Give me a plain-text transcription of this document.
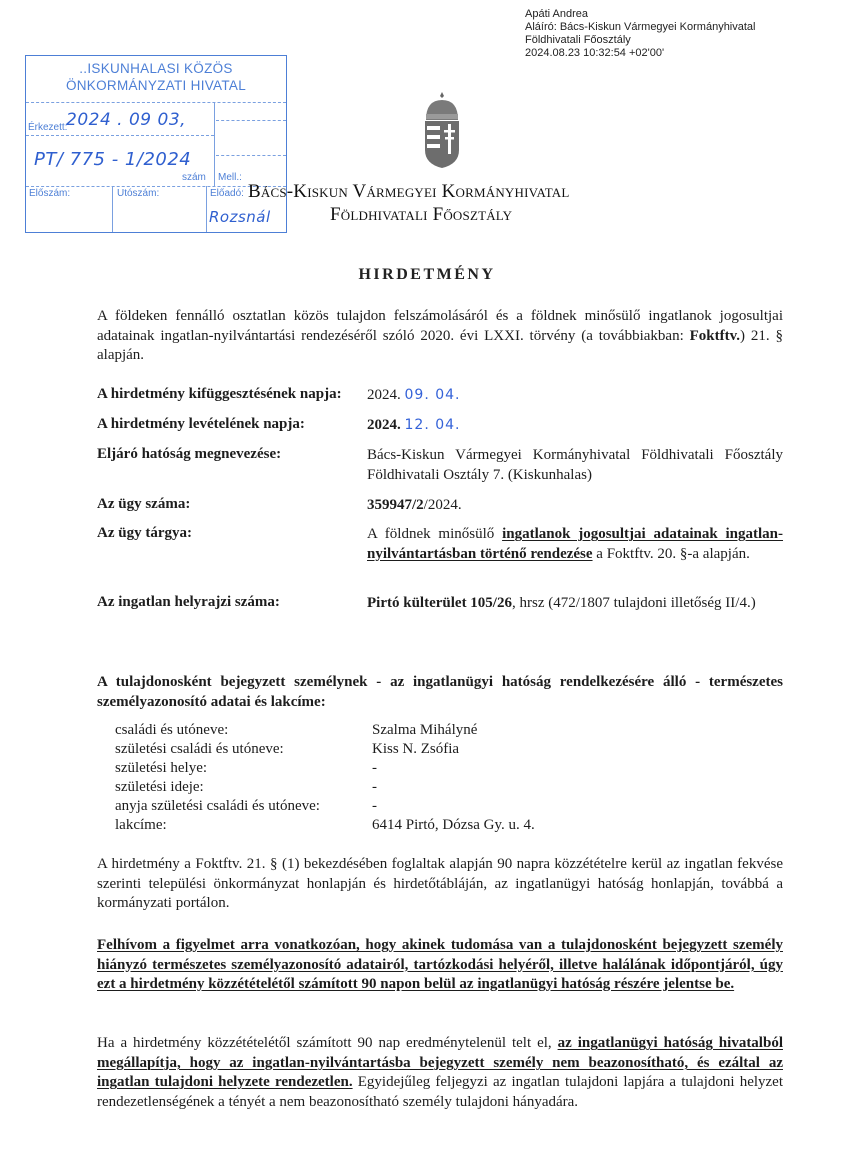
Apáti Andrea
Aláíró: Bács-Kiskun Vármegyei Kormányhivatal
Földhivatali Főosztály
2024.08.23 10:32:54 +02'00'
..ISKUNHALASI KÖZÖS
ÖNKORMÁNYZATI HIVATAL
Érkezett:
2024 . 09 03,
PT/ 775 - 1/2024
szám Mell.:
Előszám:	Utószám:	Előadó:
Rozsnál
Bács-Kiskun Vármegyei Kormányhivatal
Földhivatali Főosztály
HIRDETMÉNY
A földeken fennálló osztatlan közös tulajdon felszámolásáról és a földnek minősülő ingatlanok jogosultjai adatainak ingatlan-nyilvántartási rendezéséről szóló 2020. évi LXXI. törvény (a továbbiakban: Foktftv.) 21. § alapján.
A hirdetmény kifüggesztésének napja: 2024. 09. 04.
A hirdetmény levételének napja:	2024. 12. 04.
Eljáró hatóság megnevezése:	Bács-Kiskun Vármegyei Kormányhivatal Földhivatali Főosztály Földhivatali Osztály 7. (Kiskunhalas)
Az ügy száma:	359947/2/2024.
Az ügy tárgya:	A földnek minősülő ingatlanok jogosultjai adatainak ingatlan-nyilvántartásban történő rendezése a Foktftv. 20. §-a alapján.
Az ingatlan helyrajzi száma:	Pirtó külterület 105/26, hrsz (472/1807 tulajdoni illetőség II/4.)
A tulajdonosként bejegyzett személynek - az ingatlanügyi hatóság rendelkezésére álló - természetes személyazonosító adatai és lakcíme:
családi és utóneve:	Szalma Mihályné
születési családi és utóneve:	Kiss N. Zsófia
születési helye:	-
születési ideje:	-
anyja születési családi és utóneve:	-
lakcíme:	6414 Pirtó, Dózsa Gy. u. 4.
A hirdetmény a Foktftv. 21. § (1) bekezdésében foglaltak alapján 90 napra közzétételre kerül az ingatlan fekvése szerinti települési önkormányzat honlapján és hirdetőtábláján, az ingatlanügyi hatóság honlapján, továbbá a kormányzati portálon.
Felhívom a figyelmet arra vonatkozóan, hogy akinek tudomása van a tulajdonosként bejegyzett személy hiányzó természetes személyazonosító adatairól, tartózkodási helyéről, illetve halálának időpontjáról, úgy ezt a hirdetmény közzétételétől számított 90 napon belül az ingatlanügyi hatóság részére jelentse be.
Ha a hirdetmény közzétételétől számított 90 nap eredménytelenül telt el, az ingatlanügyi hatóság hivatalból megállapítja, hogy az ingatlan-nyilvántartásba bejegyzett személy nem beazonosítható, és ezáltal az ingatlan tulajdoni helyzete rendezetlen. Egyidejűleg feljegyzi az ingatlan tulajdoni lapjára a tulajdoni helyzet rendezetlenségének a tényét a nem beazonosítható személy tulajdoni hányadára.
